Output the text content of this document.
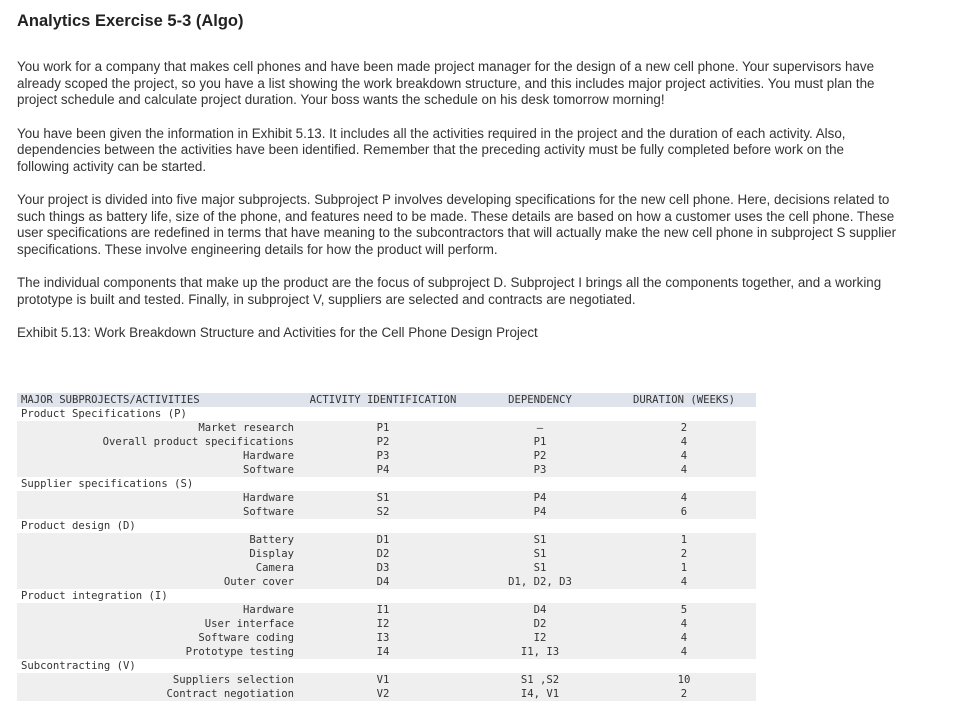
Analytics Exercise 5-3 (Algo)

You work for a company that makes cell phones and have been made project manager for the design of a new cell phone. Your supervisors have already scoped the project, so you have a list showing the work breakdown structure, and this includes major project activities. You must plan the project schedule and calculate project duration. Your boss wants the schedule on his desk tomorrow morning!

You have been given the information in Exhibit 5.13. It includes all the activities required in the project and the duration of each activity. Also, dependencies between the activities have been identified. Remember that the preceding activity must be fully completed before work on the following activity can be started.

Your project is divided into five major subprojects. Subproject P involves developing specifications for the new cell phone. Here, decisions related to such things as battery life, size of the phone, and features need to be made. These details are based on how a customer uses the cell phone. These user specifications are redefined in terms that have meaning to the subcontractors that will actually make the new cell phone in subproject S supplier specifications. These involve engineering details for how the product will perform.

The individual components that make up the product are the focus of subproject D. Subproject I brings all the components together, and a working prototype is built and tested. Finally, in subproject V, suppliers are selected and contracts are negotiated.

Exhibit 5.13: Work Breakdown Structure and Activities for the Cell Phone Design Project

MAJOR SUBPROJECTS/ACTIVITIES	ACTIVITY IDENTIFICATION	DEPENDENCY	DURATION (WEEKS)
Product Specifications (P)			
Market research	P1	—	2
Overall product specifications	P2	P1	4
Hardware	P3	P2	4
Software	P4	P3	4
Supplier specifications (S)			
Hardware	S1	P4	4
Software	S2	P4	6
Product design (D)			
Battery	D1	S1	1
Display	D2	S1	2
Camera	D3	S1	1
Outer cover	D4	D1, D2, D3	4
Product integration (I)			
Hardware	I1	D4	5
User interface	I2	D2	4
Software coding	I3	I2	4
Prototype testing	I4	I1, I3	4
Subcontracting (V)			
Suppliers selection	V1	S1 ,S2	10
Contract negotiation	V2	I4, V1	2
